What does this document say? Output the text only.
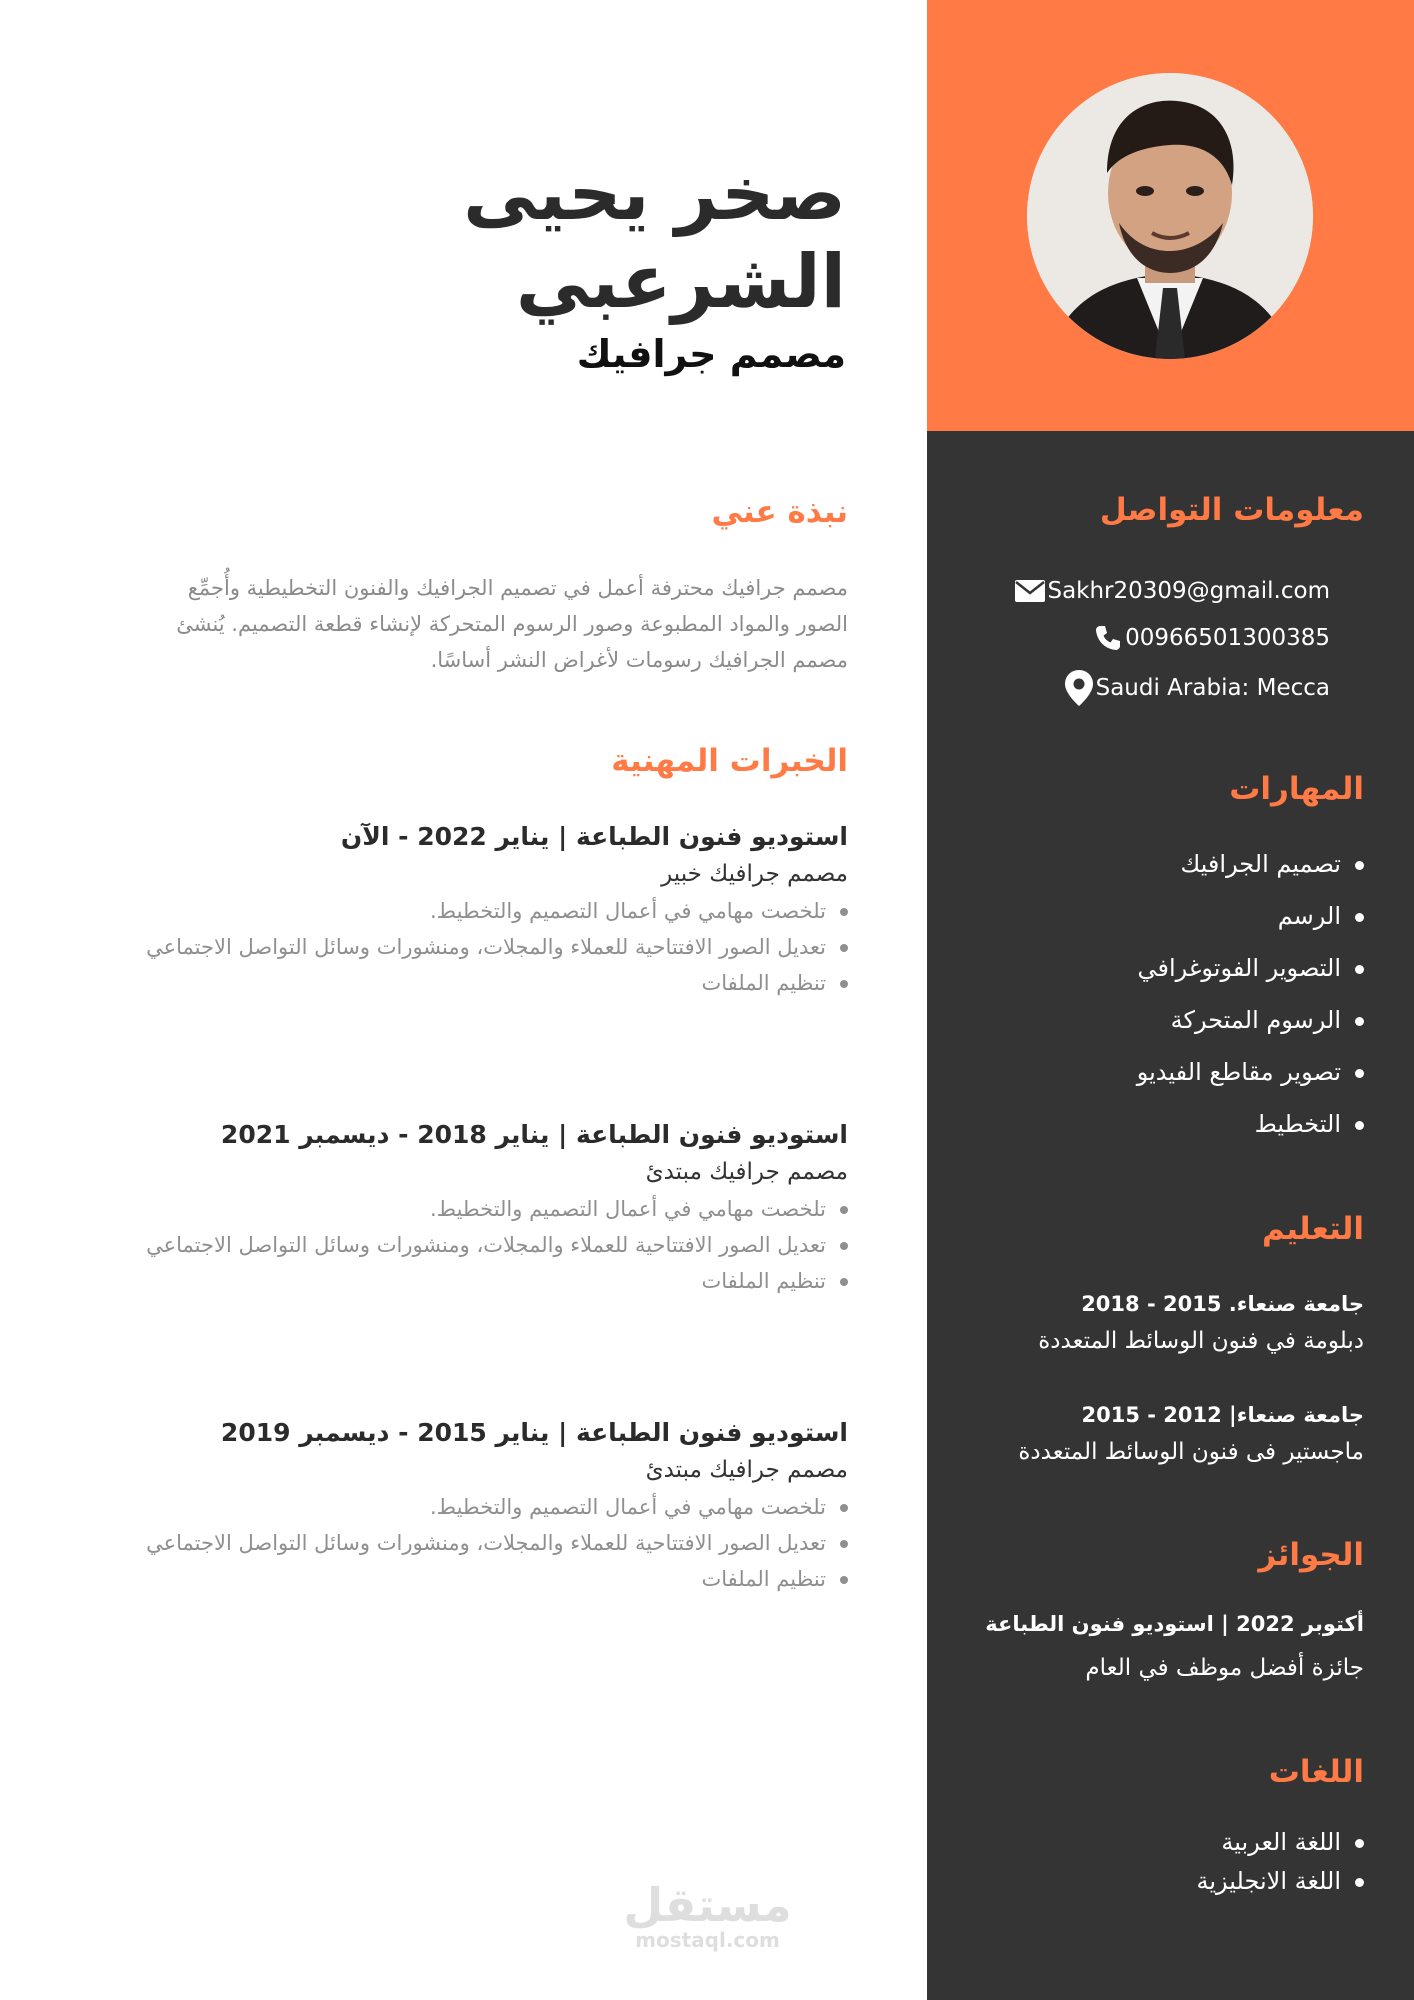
معلومات التواصل
Sakhr20309@gmail.com
00966501300385
Saudi Arabia: Mecca
المهارات
تصميم الجرافيك
الرسم
التصوير الفوتوغرافي
الرسوم المتحركة
تصوير مقاطع الفيديو
التخطيط
التعليم
جامعة صنعاء. 2015 - 2018
دبلومة في فنون الوسائط المتعددة
جامعة صنعاء| 2012 - 2015
ماجستير فى فنون الوسائط المتعددة
الجوائز
أكتوبر 2022 | استوديو فنون الطباعة
جائزة أفضل موظف في العام
اللغات
اللغة العربية
اللغة الانجليزية
صخر يحيى
الشرعبي
مصمم جرافيك
نبذة عني
مصمم جرافيك محترفة أعمل في تصميم الجرافيك والفنون التخطيطية وأُجمِّع
الصور والمواد المطبوعة وصور الرسوم المتحركة لإنشاء قطعة التصميم. يُنشئ
مصمم الجرافيك رسومات لأغراض النشر أساسًا.
الخبرات المهنية
استوديو فنون الطباعة | يناير 2022 - الآن
مصمم جرافيك خبير
تلخصت مهامي في أعمال التصميم والتخطيط.
تعديل الصور الافتتاحية للعملاء والمجلات، ومنشورات وسائل التواصل الاجتماعي
تنظيم الملفات
استوديو فنون الطباعة | يناير 2018 - ديسمبر 2021
مصمم جرافيك مبتدئ
تلخصت مهامي في أعمال التصميم والتخطيط.
تعديل الصور الافتتاحية للعملاء والمجلات، ومنشورات وسائل التواصل الاجتماعي
تنظيم الملفات
استوديو فنون الطباعة | يناير 2015 - ديسمبر 2019
مصمم جرافيك مبتدئ
تلخصت مهامي في أعمال التصميم والتخطيط.
تعديل الصور الافتتاحية للعملاء والمجلات، ومنشورات وسائل التواصل الاجتماعي
تنظيم الملفات
مستقل
mostaql.com
